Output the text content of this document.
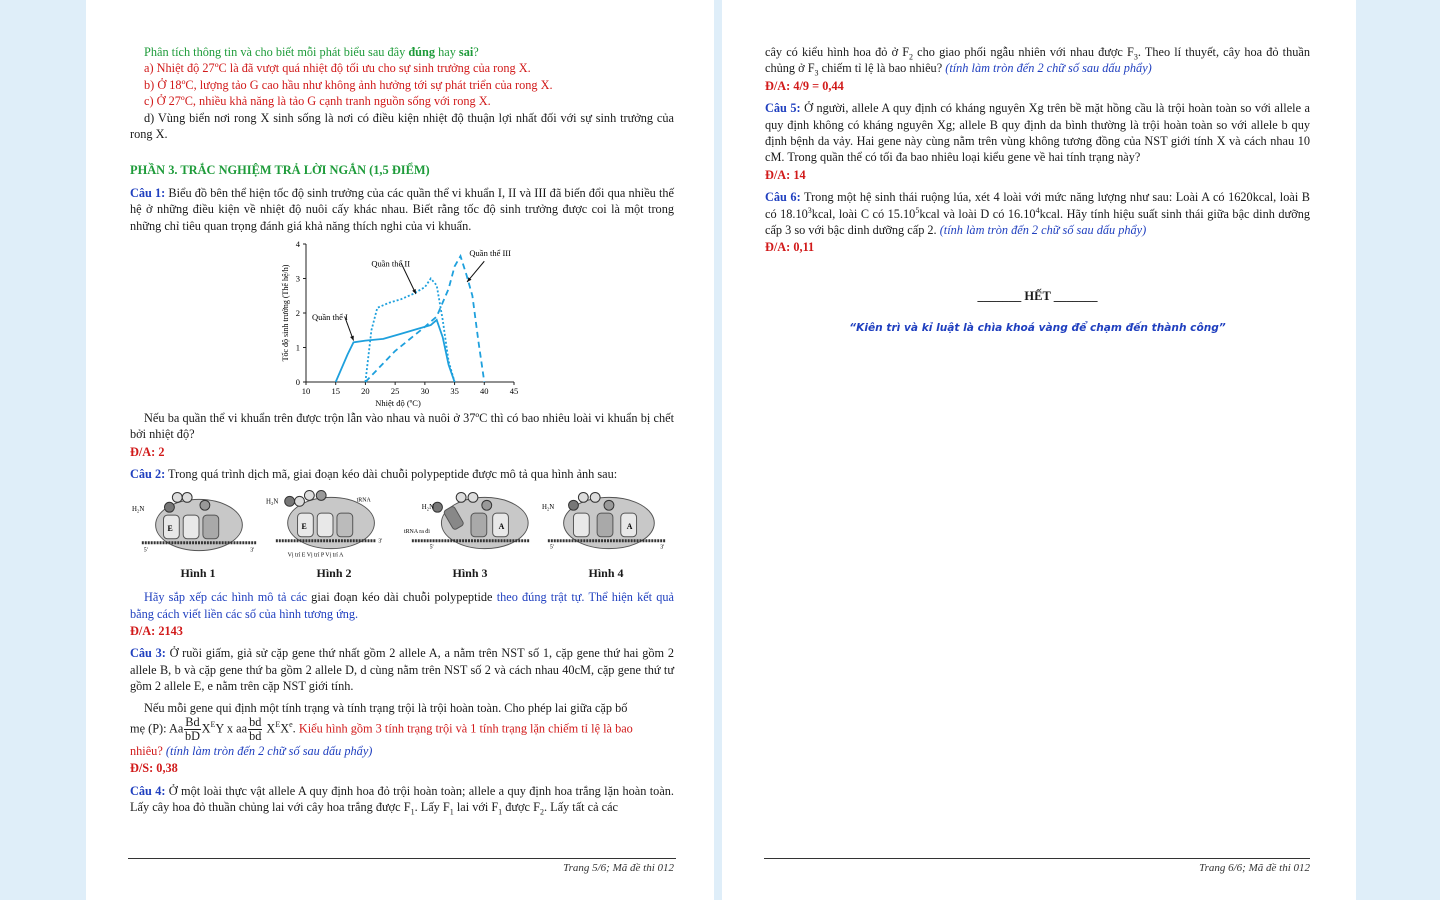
Phân tích thông tin và cho biết mỗi phát biểu sau đây đúng hay sai?

a) Nhiệt độ 27ºC là đã vượt quá nhiệt độ tối ưu cho sự sinh trưởng của rong X.

b) Ở 18ºC, lượng tảo G cao hầu như không ảnh hưởng tới sự phát triển của rong X.

c) Ở 27ºC, nhiều khả năng là tảo G cạnh tranh nguồn sống với rong X.

d) Vùng biển nơi rong X sinh sống là nơi có điều kiện nhiệt độ thuận lợi nhất đối với sự sinh trưởng của rong X.

PHẦN 3. TRẮC NGHIỆM TRẢ LỜI NGẮN (1,5 ĐIỂM)

Câu 1: Biểu đồ bên thể hiện tốc độ sinh trưởng của các quần thể vi khuẩn I, II và III đã biến đổi qua nhiều thế hệ ở những điều kiện về nhiệt độ nuôi cấy khác nhau. Biết rằng tốc độ sinh trưởng được coi là một trong những chỉ tiêu quan trọng đánh giá khả năng thích nghi của vi khuẩn.

10 15 20 25 30 35 40 45
0
1
2
3
4
Nhiệt độ (ºC)
Tốc độ sinh trưởng (Thế hệ/h)	Quần thể I
Quần thể II
Quần thể III

Nếu ba quần thể vi khuẩn trên được trộn lẫn vào nhau và nuôi ở 37ºC thì có bao nhiêu loài vi khuẩn bị chết bởi nhiệt độ?

Đ/A: 2

Câu 2: Trong quá trình dịch mã, giai đoạn kéo dài chuỗi polypeptide được mô tả qua hình ảnh sau:

H₂N
E
5'	3'
H₂N	tRNA
E
Vị trí E Vị trí P Vị trí A
3'
H₂N
tRNA ra đi
A
5'
H₂N
A
5'	3'
Hình 1	Hình 2	Hình 3	Hình 4

Hãy sắp xếp các hình mô tả các giai đoạn kéo dài chuỗi polypeptide theo đúng trật tự. Thể hiện kết quả bằng cách viết liền các số của hình tương ứng.

Đ/A: 2143

Câu 3: Ở ruồi giấm, giả sử cặp gene thứ nhất gồm 2 allele A, a nằm trên NST số 1, cặp gene thứ hai gồm 2 allele B, b và cặp gene thứ ba gồm 2 allele D, d cùng nằm trên NST số 2 và cách nhau 40cM, cặp gene thứ tư gồm 2 allele E, e nằm trên cặp NST giới tính.

Nếu mỗi gene qui định một tính trạng và tính trạng trội là trội hoàn toàn. Cho phép lai giữa cặp bố

mẹ (P): Aa $\frac{Bd}{bD} X^EY$ x aa $\frac{bd}{bd} X^EXe$. Kiểu hình gồm 3 tính trạng trội và 1 tính trạng lặn chiếm tỉ lệ là bao

nhiêu? (tính làm tròn đến 2 chữ số sau dấu phẩy)

Đ/S: 0,38

Câu 4: Ở một loài thực vật allele A quy định hoa đỏ trội hoàn toàn; allele a quy định hoa trắng lặn hoàn toàn. Lấy cây hoa đỏ thuần chủng lai với cây hoa trắng được $F_1$. Lấy $F_1$ lai với $F_1$ được $F_2$. Lấy tất cả các

Trang 5/6; Mã đề thi 012

cây có kiểu hình hoa đỏ ở $F_2$ cho giao phối ngẫu nhiên với nhau được $F_3$. Theo lí thuyết, cây hoa đỏ thuần chủng ở $F_3$ chiếm tỉ lệ là bao nhiêu? (tính làm tròn đến 2 chữ số sau dấu phẩy)

Đ/A: 4/9 = 0,44

Câu 5: Ở người, allele A quy định có kháng nguyên Xg trên bề mặt hồng cầu là trội hoàn toàn so với allele a quy định không có kháng nguyên Xg; allele B quy định da bình thường là trội hoàn toàn so với allele b quy định bệnh da vảy. Hai gene này cùng nằm trên vùng không tương đồng của NST giới tính X và cách nhau 10 cM. Trong quần thể có tối đa bao nhiêu loại kiểu gene về hai tính trạng này?

Đ/A: 14

Câu 6: Trong một hệ sinh thái ruộng lúa, xét 4 loài với mức năng lượng như sau: Loài A có 1620kcal, loài B có 18.10$^3$kcal, loài C có 15.10$^5$kcal và loài D có 16.10$^4$kcal. Hãy tính hiệu suất sinh thái giữa bậc dinh dưỡng cấp 3 so với bậc dinh dưỡng cấp 2. (tính làm tròn đến 2 chữ số sau dấu phẩy)

Đ/A: 0,11

_______ HẾT _______
“Kiên trì và kỉ luật là chìa khoá vàng để chạm đến thành công”
Trang 6/6; Mã đề thi 012
